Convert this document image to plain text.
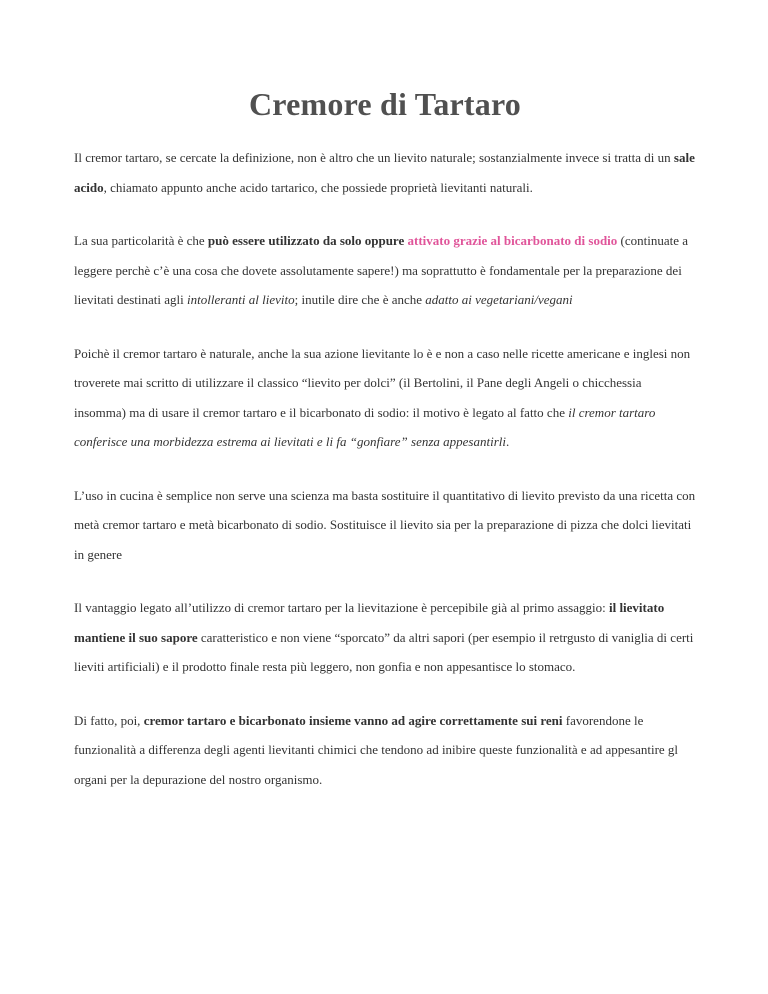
Cremore di Tartaro

Il cremor tartaro, se cercate la definizione, non è altro che un lievito naturale; sostanzialmente invece si tratta di un sale acido, chiamato appunto anche acido tartarico, che possiede proprietà lievitanti naturali.

La sua particolarità è che può essere utilizzato da solo oppure attivato grazie al bicarbonato di sodio (continuate a leggere perchè c’è una cosa che dovete assolutamente sapere!) ma soprattutto è fondamentale per la preparazione dei lievitati destinati agli intolleranti al lievito; inutile dire che è anche adatto ai vegetariani/vegani

Poichè il cremor tartaro è naturale, anche la sua azione lievitante lo è e non a caso nelle ricette americane e inglesi non troverete mai scritto di utilizzare il classico “lievito per dolci” (il Bertolini, il Pane degli Angeli o chicchessia insomma) ma di usare il cremor tartaro e il bicarbonato di sodio: il motivo è legato al fatto che il cremor tartaro conferisce una morbidezza estrema ai lievitati e li fa “gonfiare” senza appesantirli.

L’uso in cucina è semplice non serve una scienza ma basta sostituire il quantitativo di lievito previsto da una ricetta con metà cremor tartaro e metà bicarbonato di sodio. Sostituisce il lievito sia per la preparazione di pizza che dolci lievitati in genere

Il vantaggio legato all’utilizzo di cremor tartaro per la lievitazione è percepibile già al primo assaggio: il lievitato mantiene il suo sapore caratteristico e non viene “sporcato” da altri sapori (per esempio il retrgusto di vaniglia di certi lieviti artificiali) e il prodotto finale resta più leggero, non gonfia e non appesantisce lo stomaco.

Di fatto, poi, cremor tartaro e bicarbonato insieme vanno ad agire correttamente sui reni favorendone le funzionalità a differenza degli agenti lievitanti chimici che tendono ad inibire queste funzionalità e ad appesantire gl organi per la depurazione del nostro organismo.
